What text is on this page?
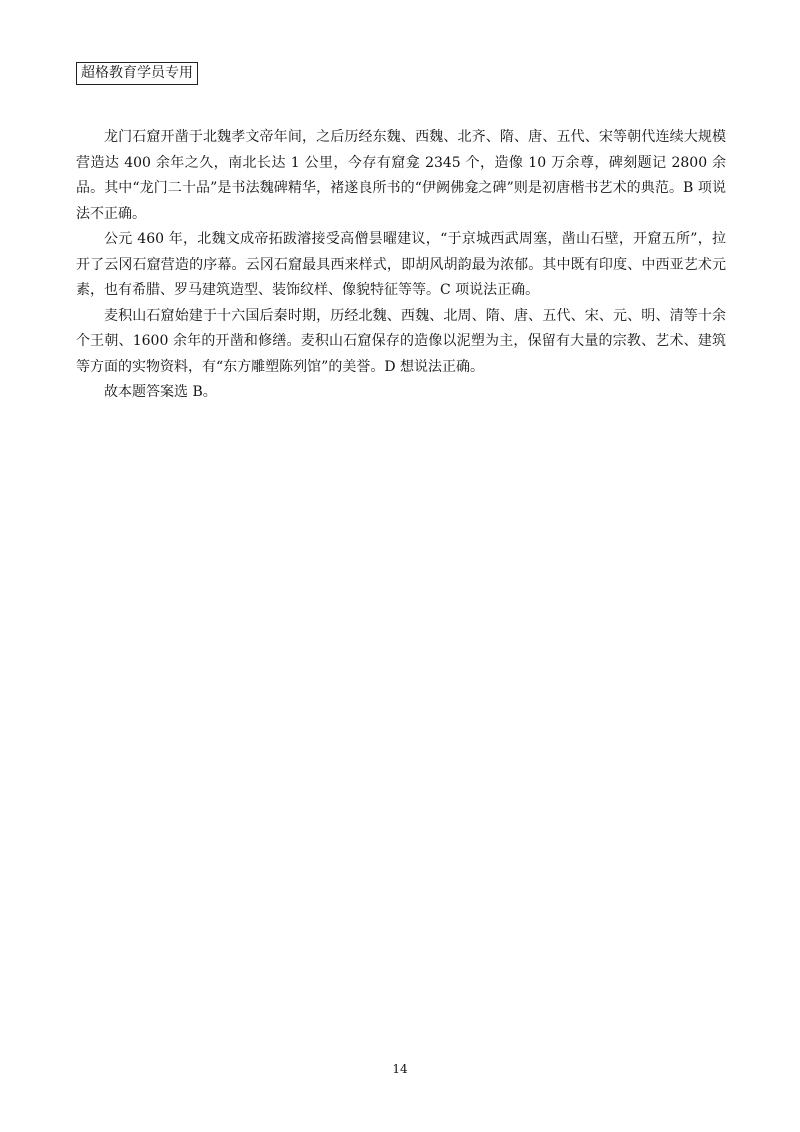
超格教育学员专用

龙门石窟开凿于北魏孝文帝年间，之后历经东魏、西魏、北齐、隋、唐、五代、宋等朝代连续大规模营造达 400 余年之久，南北长达 1 公里，今存有窟龛 2345 个，造像 10 万余尊，碑刻题记 2800 余品。其中“龙门二十品”是书法魏碑精华，褚遂良所书的“伊阙佛龛之碑”则是初唐楷书艺术的典范。B 项说法不正确。

公元 460 年，北魏文成帝拓跋濬接受高僧昙曜建议，“于京城西武周塞，凿山石壁，开窟五所”，拉开了云冈石窟营造的序幕。云冈石窟最具西来样式，即胡风胡韵最为浓郁。其中既有印度、中西亚艺术元素，也有希腊、罗马建筑造型、装饰纹样、像貌特征等等。C 项说法正确。

麦积山石窟始建于十六国后秦时期，历经北魏、西魏、北周、隋、唐、五代、宋、元、明、清等十余个王朝、1600 余年的开凿和修缮。麦积山石窟保存的造像以泥塑为主，保留有大量的宗教、艺术、建筑等方面的实物资料，有“东方雕塑陈列馆”的美誉。D 想说法正确。

故本题答案选 B。

14
